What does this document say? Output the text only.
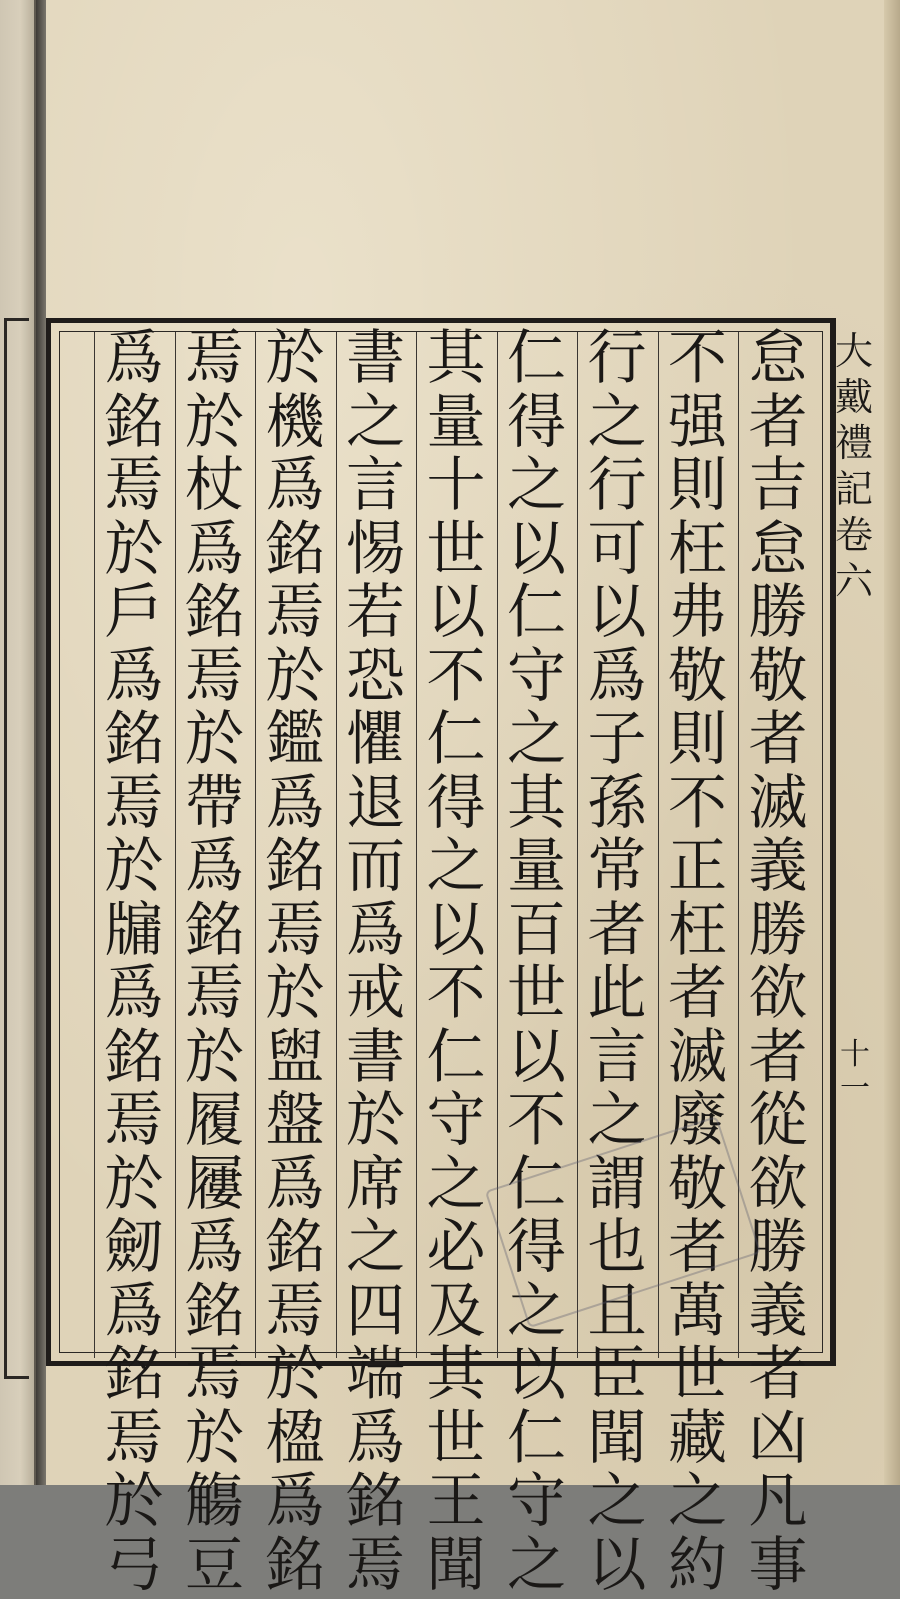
大
戴
禮
記
卷
六
十一
怠
者
吉
怠
勝
敬
者
滅
義
勝
欲
者
從
欲
勝
義
者
凶
凡
事
不
强
則
枉
弗
敬
則
不
正
枉
者
滅
廢
敬
者
萬
世
藏
之
約
行
之
行
可
以
爲
子
孫
常
者
此
言
之
謂
也
且
臣
聞
之
以
仁
得
之
以
仁
守
之
其
量
百
世
以
不
仁
得
之
以
仁
守
之
其
量
十
世
以
不
仁
得
之
以
不
仁
守
之
必
及
其
世
王
聞
書
之
言
惕
若
恐
懼
退
而
爲
戒
書
於
席
之
四
端
爲
銘
焉
於
機
爲
銘
焉
於
鑑
爲
銘
焉
於
盥
盤
爲
銘
焉
於
楹
爲
銘
焉
於
杖
爲
銘
焉
於
帶
爲
銘
焉
於
履
屨
爲
銘
焉
於
觴
豆
爲
銘
焉
於
戶
爲
銘
焉
於
牖
爲
銘
焉
於
劒
爲
銘
焉
於
弓
